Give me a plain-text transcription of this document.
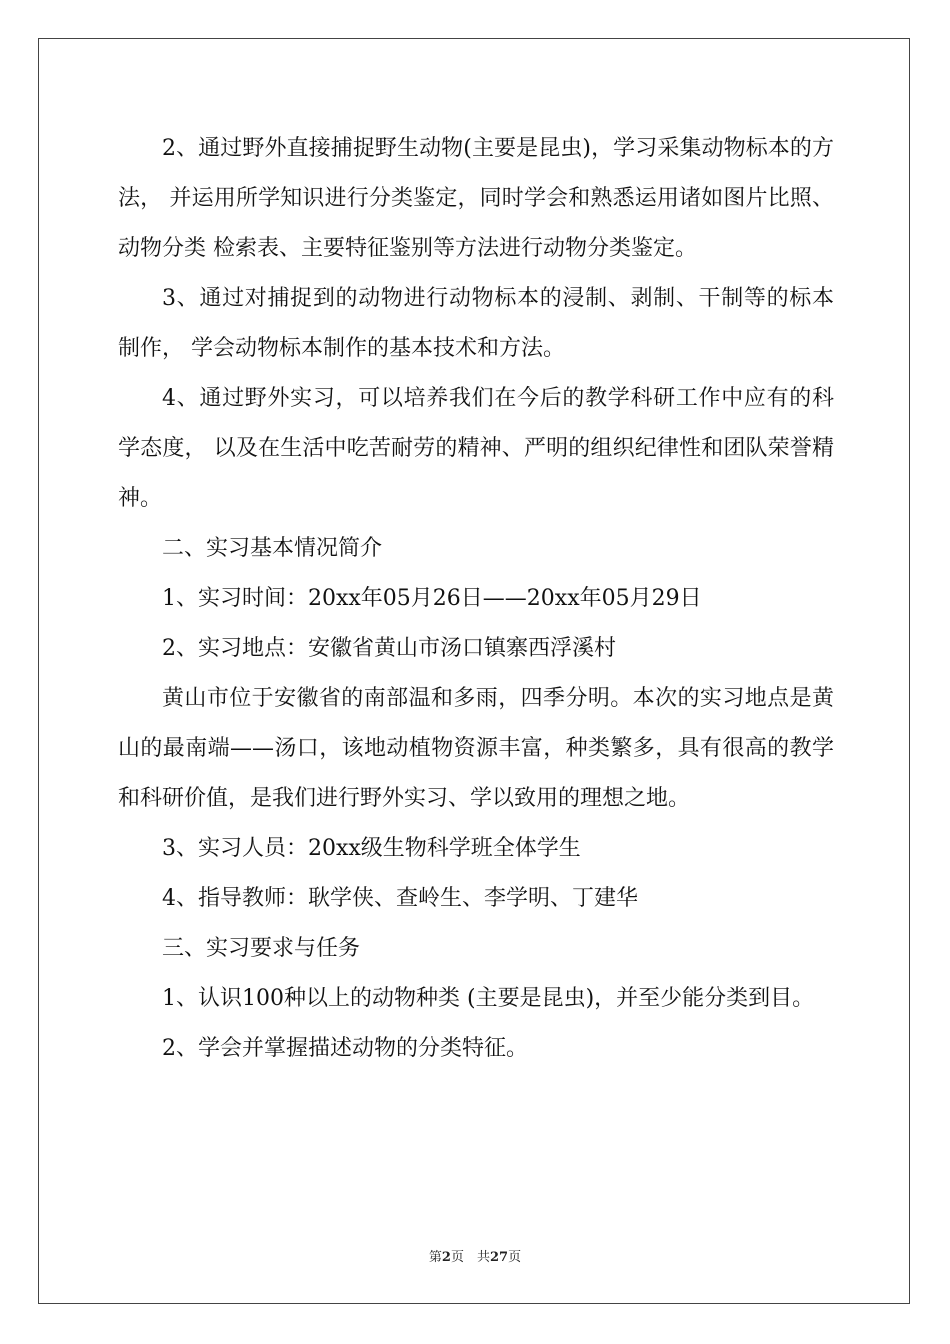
2、通过野外直接捕捉野生动物(主要是昆虫)，学习采集动物标本的方法， 并运用所学知识进行分类鉴定，同时学会和熟悉运用诸如图片比照、动物分类 检索表、主要特征鉴别等方法进行动物分类鉴定。

3、通过对捕捉到的动物进行动物标本的浸制、剥制、干制等的标本制作， 学会动物标本制作的基本技术和方法。

4、通过野外实习，可以培养我们在今后的教学科研工作中应有的科学态度， 以及在生活中吃苦耐劳的精神、严明的组织纪律性和团队荣誉精神。

二、实习基本情况简介

1、实习时间：20xx年05月26日——20xx年05月29日

2、实习地点：安徽省黄山市汤口镇寨西浮溪村

黄山市位于安徽省的南部温和多雨，四季分明。本次的实习地点是黄山的最南端——汤口，该地动植物资源丰富，种类繁多，具有很高的教学和科研价值，是我们进行野外实习、学以致用的理想之地。

3、实习人员：20xx级生物科学班全体学生

4、指导教师：耿学侠、查岭生、李学明、丁建华

三、实习要求与任务

1、认识100种以上的动物种类 (主要是昆虫)，并至少能分类到目。

2、学会并掌握描述动物的分类特征。

第2页　共27页
